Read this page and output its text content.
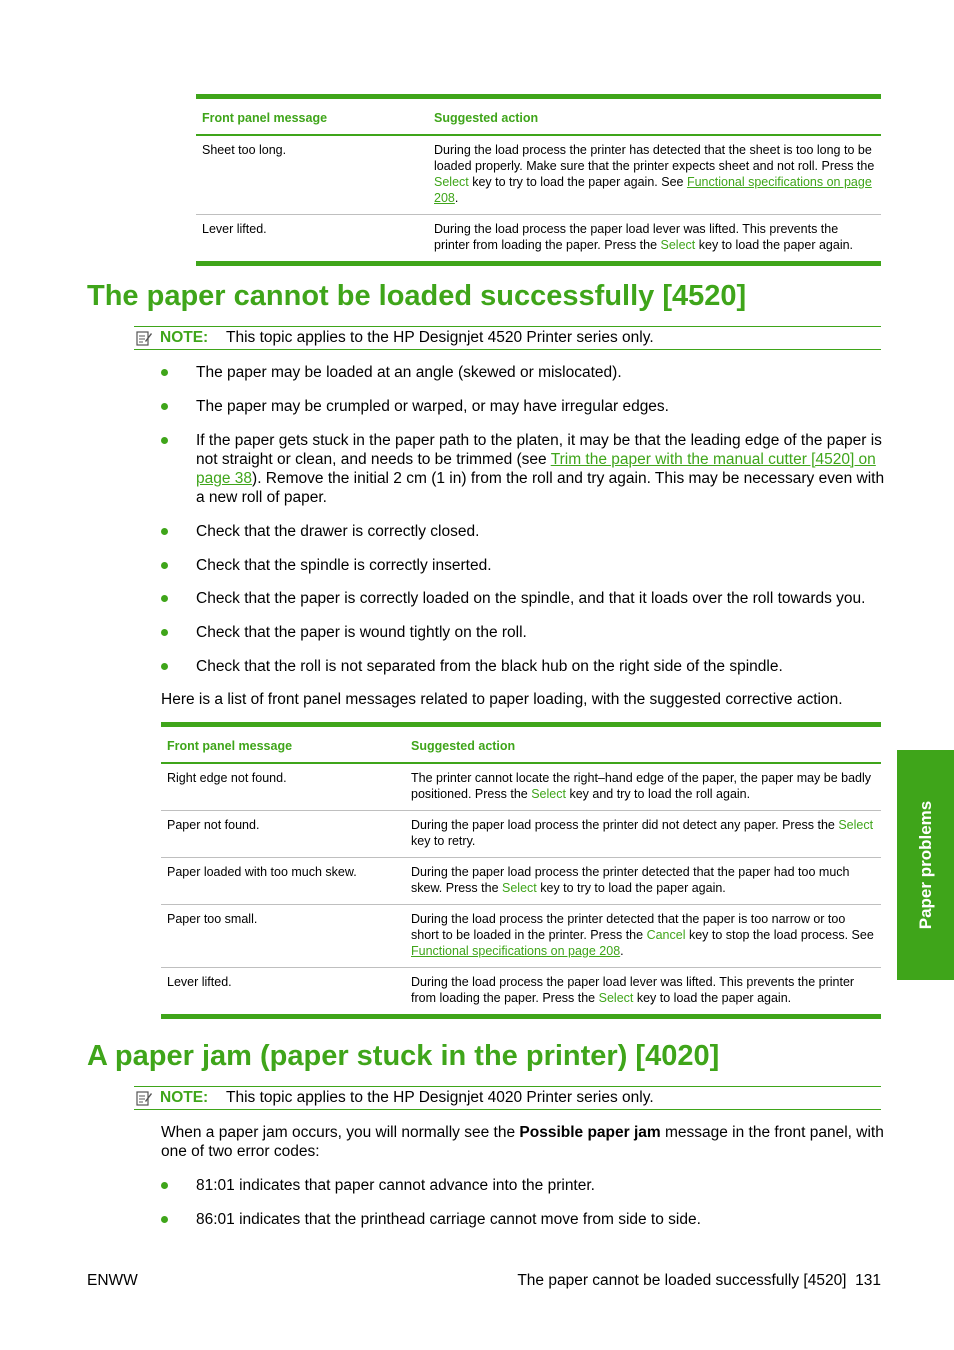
Front panel message	Suggested action
Sheet too long.	During the load process the printer has detected that the sheet is too long to be loaded properly. Make sure that the printer expects sheet and not roll. Press the Select key to try to load the paper again. See Functional specifications on page 208.
Lever lifted.	During the load process the paper load lever was lifted. This prevents the printer from loading the paper. Press the Select key to load the paper again.
The paper cannot be loaded successfully [4520]
NOTE: This topic applies to the HP Designjet 4520 Printer series only.
The paper may be loaded at an angle (skewed or mislocated).
The paper may be crumpled or warped, or may have irregular edges.
If the paper gets stuck in the paper path to the platen, it may be that the leading edge of the paper is not straight or clean, and needs to be trimmed (see Trim the paper with the manual cutter [4520] on page 38). Remove the initial 2 cm (1 in) from the roll and try again. This may be necessary even with a new roll of paper.
Check that the drawer is correctly closed.
Check that the spindle is correctly inserted.
Check that the paper is correctly loaded on the spindle, and that it loads over the roll towards you.
Check that the paper is wound tightly on the roll.
Check that the roll is not separated from the black hub on the right side of the spindle.
Here is a list of front panel messages related to paper loading, with the suggested corrective action.
Front panel message	Suggested action
Right edge not found.	The printer cannot locate the right–hand edge of the paper, the paper may be badly positioned. Press the Select key and try to load the roll again.
Paper not found.	During the paper load process the printer did not detect any paper. Press the Select key to retry.
Paper loaded with too much skew.	During the paper load process the printer detected that the paper had too much skew. Press the Select key to try to load the paper again.
Paper too small.	During the load process the printer detected that the paper is too narrow or too short to be loaded in the printer. Press the Cancel key to stop the load process. See Functional specifications on page 208.
Lever lifted.	During the load process the paper load lever was lifted. This prevents the printer from loading the paper. Press the Select key to load the paper again.
A paper jam (paper stuck in the printer) [4020]
NOTE: This topic applies to the HP Designjet 4020 Printer series only.
When a paper jam occurs, you will normally see the Possible paper jam message in the front panel, with one of two error codes:
81:01 indicates that paper cannot advance into the printer.
86:01 indicates that the printhead carriage cannot move from side to side.
Paper problems
ENWW	The paper cannot be loaded successfully [4520] 131
